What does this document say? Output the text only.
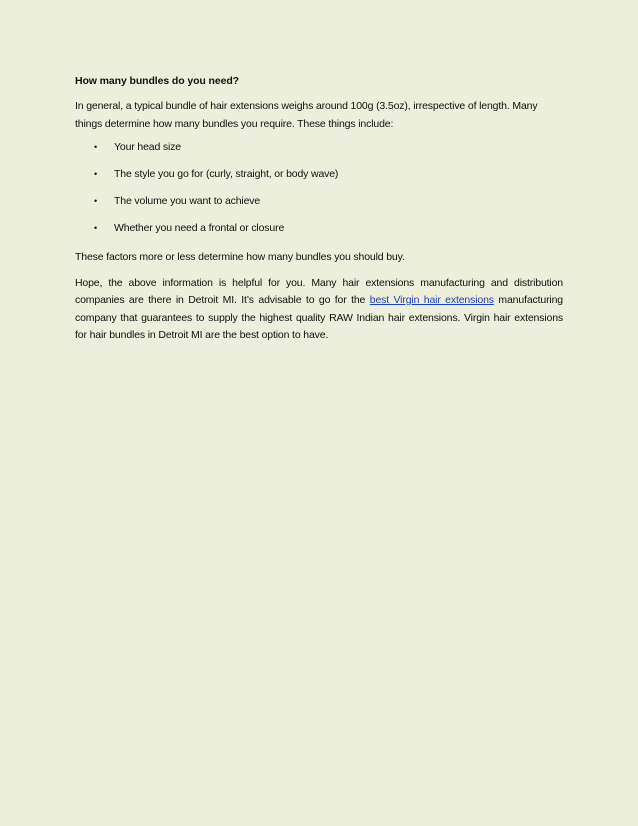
How many bundles do you need?

In general, a typical bundle of hair extensions weighs around 100g (3.5oz), irrespective of length. Many things determine how many bundles you require. These things include:

• Your head size
• The style you go for (curly, straight, or body wave)
• The volume you want to achieve
• Whether you need a frontal or closure

These factors more or less determine how many bundles you should buy.

Hope, the above information is helpful for you. Many hair extensions manufacturing and distribution companies are there in Detroit MI. It’s advisable to go for the best Virgin hair extensions manufacturing company that guarantees to supply the highest quality RAW Indian hair extensions. Virgin hair extensions for hair bundles in Detroit MI are the best option to have.
